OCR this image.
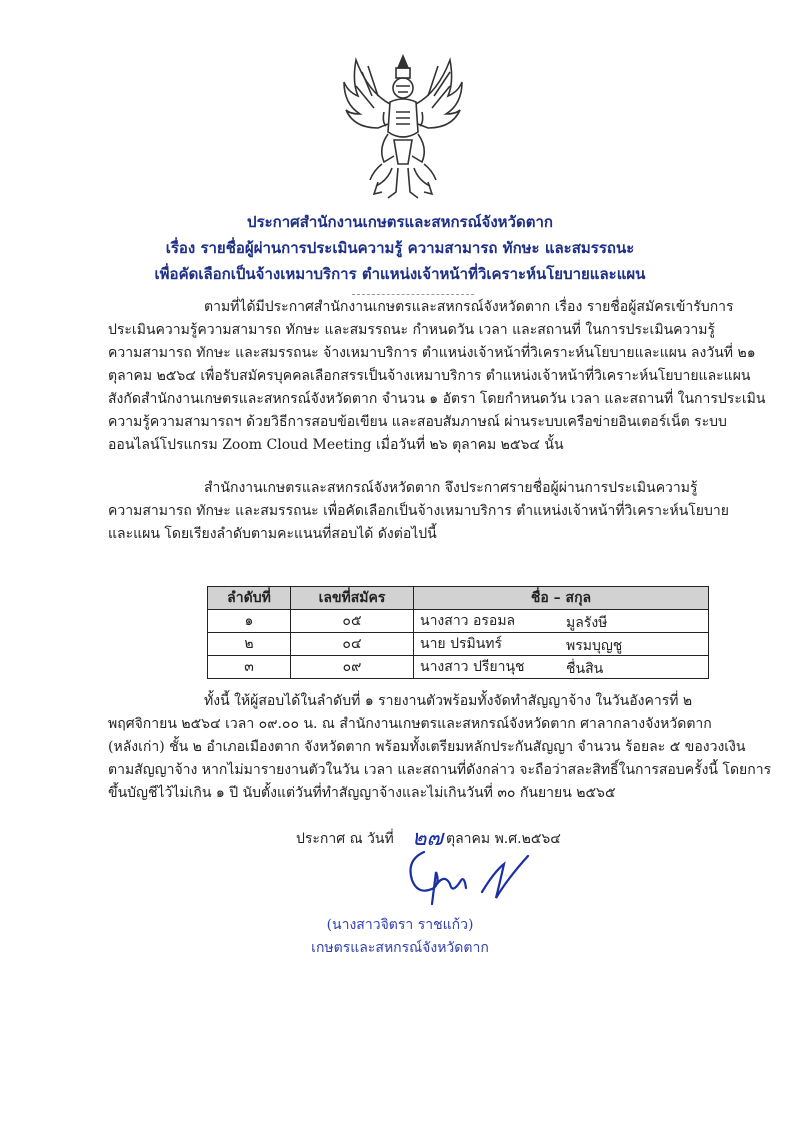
ประกาศสำนักงานเกษตรและสหกรณ์จังหวัดตาก
เรื่อง รายชื่อผู้ผ่านการประเมินความรู้ ความสามารถ ทักษะ และสมรรถนะ
เพื่อคัดเลือกเป็นจ้างเหมาบริการ ตำแหน่งเจ้าหน้าที่วิเคราะห์นโยบายและแผน
ตามที่ได้มีประกาศสำนักงานเกษตรและสหกรณ์จังหวัดตาก เรื่อง รายชื่อผู้สมัครเข้ารับการ
ประเมินความรู้ความสามารถ ทักษะ และสมรรถนะ กำหนดวัน เวลา และสถานที่ ในการประเมินความรู้
ความสามารถ ทักษะ และสมรรถนะ จ้างเหมาบริการ ตำแหน่งเจ้าหน้าที่วิเคราะห์นโยบายและแผน ลงวันที่ ๒๑
ตุลาคม ๒๕๖๔ เพื่อรับสมัครบุคคลเลือกสรรเป็นจ้างเหมาบริการ ตำแหน่งเจ้าหน้าที่วิเคราะห์นโยบายและแผน
สังกัดสำนักงานเกษตรและสหกรณ์จังหวัดตาก จำนวน ๑ อัตรา โดยกำหนดวัน เวลา และสถานที่ ในการประเมิน
ความรู้ความสามารถฯ ด้วยวิธีการสอบข้อเขียน และสอบสัมภาษณ์ ผ่านระบบเครือข่ายอินเตอร์เน็ต ระบบ
ออนไลน์โปรแกรม Zoom Cloud Meeting เมื่อวันที่ ๒๖ ตุลาคม ๒๕๖๔ นั้น
สำนักงานเกษตรและสหกรณ์จังหวัดตาก จึงประกาศรายชื่อผู้ผ่านการประเมินความรู้
ความสามารถ ทักษะ และสมรรถนะ เพื่อคัดเลือกเป็นจ้างเหมาบริการ ตำแหน่งเจ้าหน้าที่วิเคราะห์นโยบาย
และแผน โดยเรียงลำดับตามคะแนนที่สอบได้ ดังต่อไปนี้
ลำดับที่	เลขที่สมัคร	ชื่อ – สกุล
๑	๐๕	นางสาว อรอมล มูลรังษี

๒	๐๔	นาย ปรมินทร์ พรมบุญชู

๓	๐๙	นางสาว ปรียานุช ชื่นสิน
ทั้งนี้ ให้ผู้สอบได้ในลำดับที่ ๑ รายงานตัวพร้อมทั้งจัดทำสัญญาจ้าง ในวันอังคารที่ ๒
พฤศจิกายน ๒๕๖๔ เวลา ๐๙.๐๐ น. ณ สำนักงานเกษตรและสหกรณ์จังหวัดตาก ศาลากลางจังหวัดตาก
(หลังเก่า) ชั้น ๒ อำเภอเมืองตาก จังหวัดตาก พร้อมทั้งเตรียมหลักประกันสัญญา จำนวน ร้อยละ ๕ ของวงเงิน
ตามสัญญาจ้าง หากไม่มารายงานตัวในวัน เวลา และสถานที่ดังกล่าว จะถือว่าสละสิทธิ์ในการสอบครั้งนี้ โดยการ
ขึ้นบัญชีไว้ไม่เกิน ๑ ปี นับตั้งแต่วันที่ทำสัญญาจ้างและไม่เกินวันที่ ๓๐ กันยายน ๒๕๖๕
ประกาศ ณ วันที่ ๒๗ ตุลาคม พ.ศ.๒๕๖๔
(นางสาวจิตรา ราชแก้ว)
เกษตรและสหกรณ์จังหวัดตาก
